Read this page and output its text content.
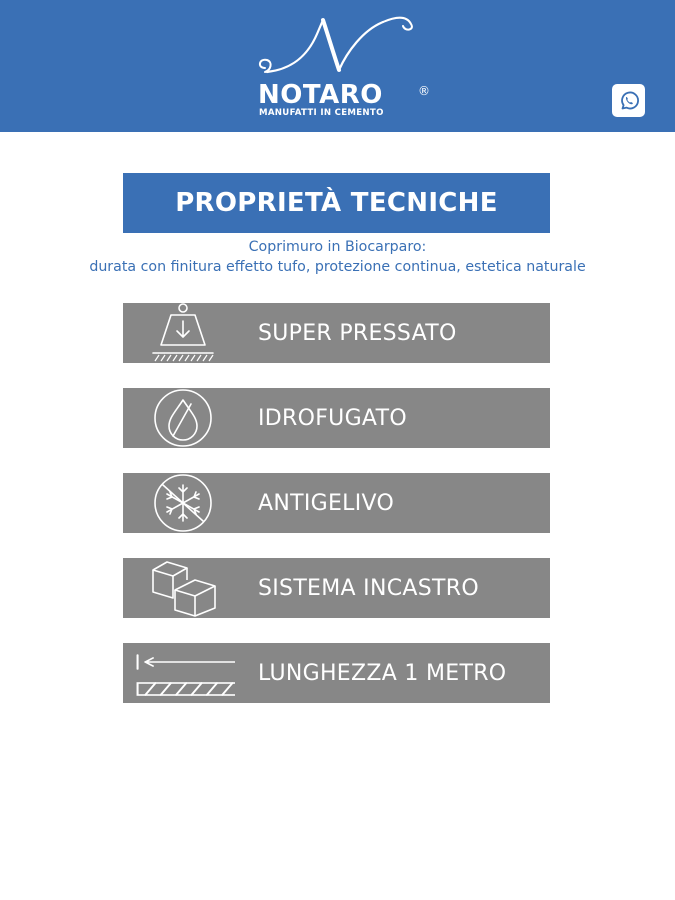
NOTARO	®
MANUFATTI IN CEMENTO
PROPRIETÀ TECNICHE
Coprimuro in Biocarparo:
durata con finitura effetto tufo, protezione continua, estetica naturale
SUPER PRESSATO
IDROFUGATO
ANTIGELIVO
SISTEMA INCASTRO
LUNGHEZZA 1 METRO
